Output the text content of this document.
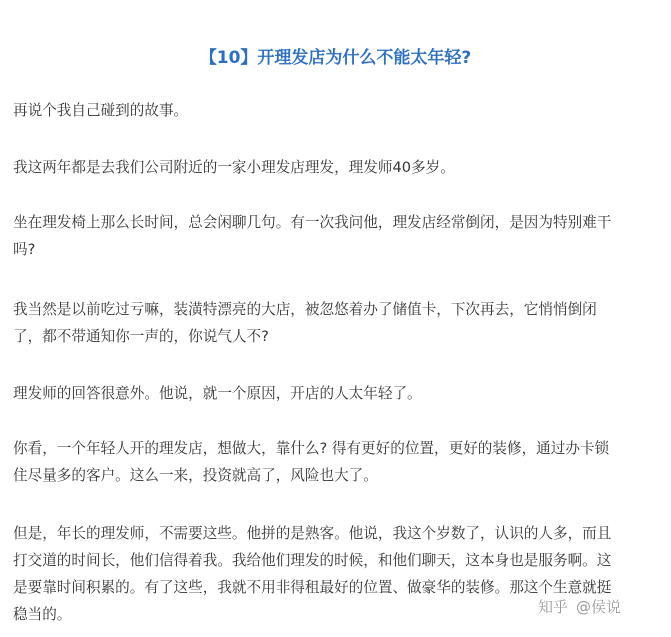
【10】开理发店为什么不能太年轻?

再说个我自己碰到的故事。

我这两年都是去我们公司附近的一家小理发店理发，理发师40多岁。

坐在理发椅上那么长时间，总会闲聊几句。有一次我问他，理发店经常倒闭，是因为特别难干
吗?

我当然是以前吃过亏嘛，装潢特漂亮的大店，被忽悠着办了储值卡，下次再去，它悄悄倒闭
了，都不带通知你一声的，你说气人不?

理发师的回答很意外。他说，就一个原因，开店的人太年轻了。

你看，一个年轻人开的理发店，想做大，靠什么? 得有更好的位置，更好的装修，通过办卡锁
住尽量多的客户。这么一来，投资就高了，风险也大了。

但是，年长的理发师，不需要这些。他拼的是熟客。他说，我这个岁数了，认识的人多，而且
打交道的时间长，他们信得着我。我给他们理发的时候，和他们聊天，这本身也是服务啊。这
是要靠时间积累的。有了这些，我就不用非得租最好的位置、做豪华的装修。那这个生意就挺
稳当的。	知乎 @侯说
